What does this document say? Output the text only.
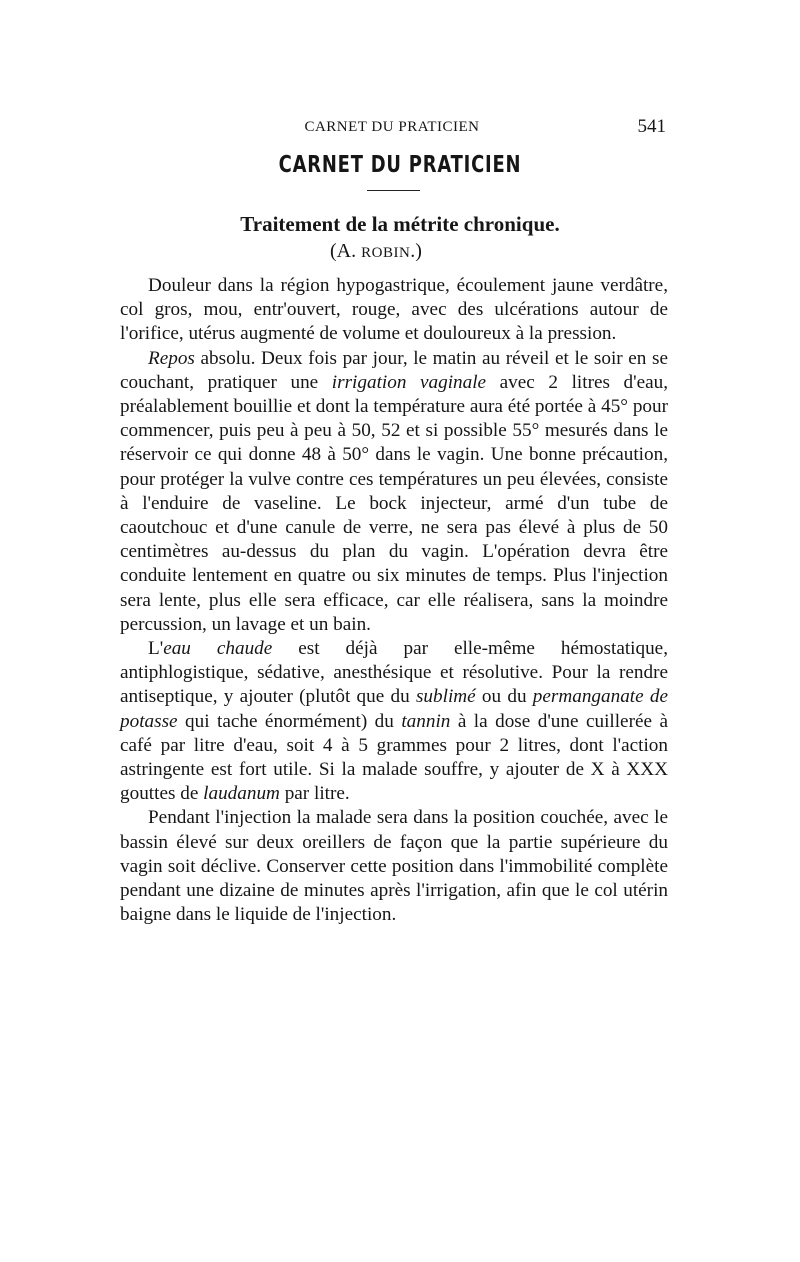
CARNET DU PRATICIEN	541
CARNET DU PRATICIEN
Traitement de la métrite chronique.
(A. ROBIN.)

Douleur dans la région hypogastrique, écoulement jaune verdâtre, col gros, mou, entr'ouvert, rouge, avec des ulcérations autour de l'orifice, utérus augmenté de volume et douloureux à la pression.

Repos absolu. Deux fois par jour, le matin au réveil et le soir en se couchant, pratiquer une irrigation vaginale avec 2 litres d'eau, préalablement bouillie et dont la température aura été portée à 45° pour commencer, puis peu à peu à 50, 52 et si possible 55° mesurés dans le réservoir ce qui donne 48 à 50° dans le vagin. Une bonne précaution, pour protéger la vulve contre ces températures un peu élevées, consiste à l'enduire de vaseline. Le bock injecteur, armé d'un tube de caoutchouc et d'une canule de verre, ne sera pas élevé à plus de 50 centimètres au-dessus du plan du vagin. L'opération devra être conduite lentement en quatre ou six minutes de temps. Plus l'injection sera lente, plus elle sera efficace, car elle réalisera, sans la moindre percussion, un lavage et un bain.

L'eau chaude est déjà par elle-même hémostatique, antiphlogistique, sédative, anesthésique et résolutive. Pour la rendre antiseptique, y ajouter (plutôt que du sublimé ou du permanganate de potasse qui tache énormément) du tannin à la dose d'une cuillerée à café par litre d'eau, soit 4 à 5 grammes pour 2 litres, dont l'action astringente est fort utile. Si la malade souffre, y ajouter de X à XXX gouttes de laudanum par litre.

Pendant l'injection la malade sera dans la position couchée, avec le bassin élevé sur deux oreillers de façon que la partie supérieure du vagin soit déclive. Conserver cette position dans l'immobilité complète pendant une dizaine de minutes après l'irrigation, afin que le col utérin baigne dans le liquide de l'injection.
